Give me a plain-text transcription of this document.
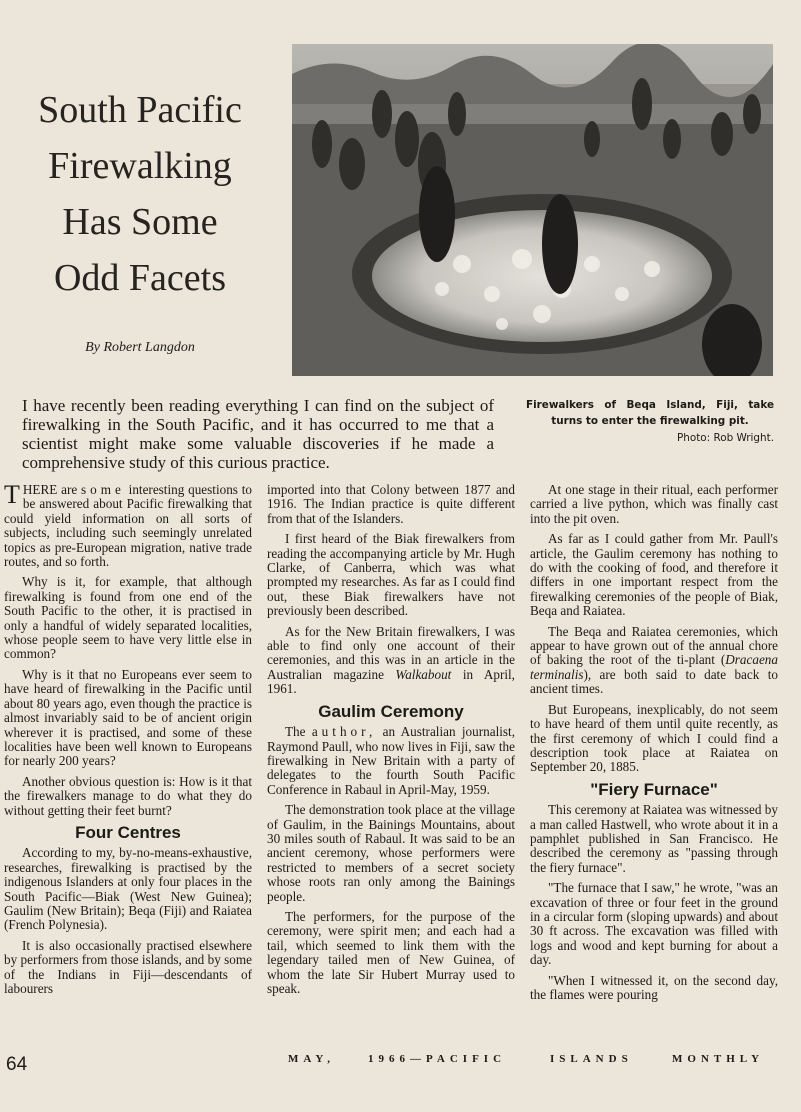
South Pacific
Firewalking
Has Some
Odd Facets
By Robert Langdon
Firewalkers of Beqa Island, Fiji, take turns to enter the firewalking pit.
Photo: Rob Wright.
I have recently been reading everything I can find on the subject of firewalking in the South Pacific, and it has occurred to me that a scientist might make some valuable discoveries if he made a comprehensive study of this curious practice.

THERE are some interesting questions to be answered about Pacific firewalking that could yield information on all sorts of subjects, including such seemingly unrelated topics as pre-European migration, native trade routes, and so forth.

Why is it, for example, that although firewalking is found from one end of the South Pacific to the other, it is practised in only a handful of widely separated localities, whose people seem to have very little else in common?

Why is it that no Europeans ever seem to have heard of firewalking in the Pacific until about 80 years ago, even though the practice is almost invariably said to be of ancient origin wherever it is practised, and some of these localities have been well known to Europeans for nearly 200 years?

Another obvious question is: How is it that the firewalkers manage to do what they do without getting their feet burnt?

Four Centres

According to my, by-no-means-exhaustive, researches, firewalking is practised by the indigenous Islanders at only four places in the South Pacific—Biak (West New Guinea); Gaulim (New Britain); Beqa (Fiji) and Raiatea (French Polynesia).

It is also occasionally practised elsewhere by performers from those islands, and by some of the Indians in Fiji—descendants of labourers

imported into that Colony between 1877 and 1916. The Indian practice is quite different from that of the Islanders.

I first heard of the Biak firewalkers from reading the accompanying article by Mr. Hugh Clarke, of Canberra, which was what prompted my researches. As far as I could find out, these Biak firewalkers have not previously been described.

As for the New Britain firewalkers, I was able to find only one account of their ceremonies, and this was in an article in the Australian magazine Walkabout in April, 1961.

Gaulim Ceremony

The author, an Australian journalist, Raymond Paull, who now lives in Fiji, saw the firewalking in New Britain with a party of delegates to the fourth South Pacific Conference in Rabaul in April-May, 1959.

The demonstration took place at the village of Gaulim, in the Bainings Mountains, about 30 miles south of Rabaul. It was said to be an ancient ceremony, whose performers were restricted to members of a secret society whose roots ran only among the Bainings people.

The performers, for the purpose of the ceremony, were spirit men; and each had a tail, which seemed to link them with the legendary tailed men of New Guinea, of whom the late Sir Hubert Murray used to speak.

At one stage in their ritual, each performer carried a live python, which was finally cast into the pit oven.

As far as I could gather from Mr. Paull's article, the Gaulim ceremony has nothing to do with the cooking of food, and therefore it differs in one important respect from the firewalking ceremonies of the people of Biak, Beqa and Raiatea.

The Beqa and Raiatea ceremonies, which appear to have grown out of the annual chore of baking the root of the ti-plant (Dracaena terminalis), are both said to date back to ancient times.

But Europeans, inexplicably, do not seem to have heard of them until quite recently, as the first ceremony of which I could find a description took place at Raiatea on September 20, 1885.

"Fiery Furnace"

This ceremony at Raiatea was witnessed by a man called Hastwell, who wrote about it in a pamphlet published in San Francisco. He described the ceremony as "passing through the fiery furnace".

"The furnace that I saw," he wrote, "was an excavation of three or four feet in the ground in a circular form (sloping upwards) and about 30 ft across. The excavation was filled with logs and wood and kept burning for about a day.

"When I witnessed it, on the second day, the flames were pouring

64	MAY,	1966—PACIFIC	ISLANDS	MONTHLY
